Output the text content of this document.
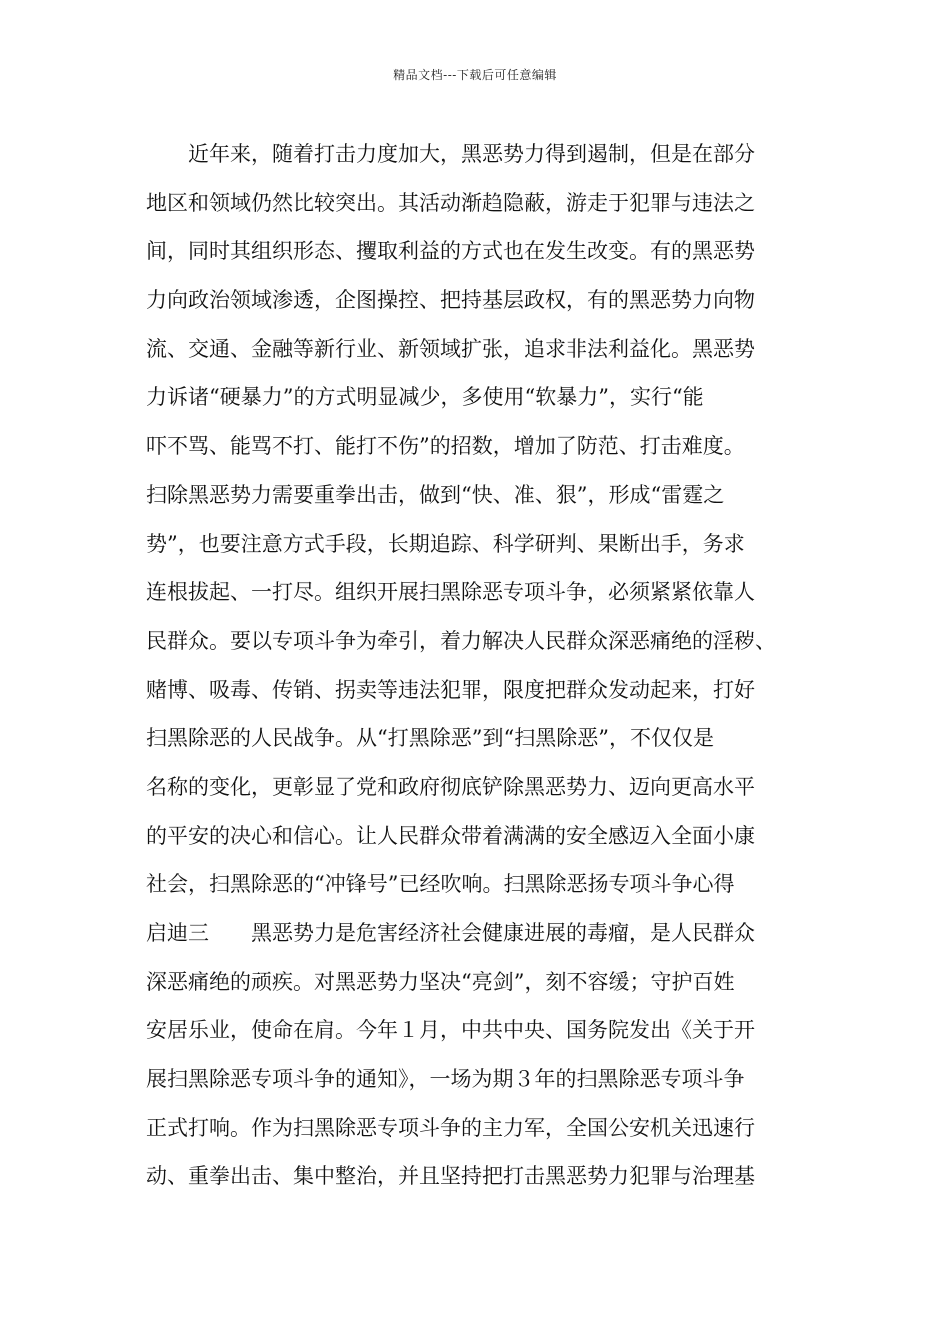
精品文档---下载后可任意编辑
　　近年来，随着打击力度加大，黑恶势力得到遏制，但是在部分
地区和领域仍然比较突出。其活动渐趋隐蔽，游走于犯罪与违法之
间，同时其组织形态、攫取利益的方式也在发生改变。有的黑恶势
力向政治领域渗透，企图操控、把持基层政权，有的黑恶势力向物
流、交通、金融等新行业、新领域扩张，追求非法利益化。黑恶势
力诉诸“硬暴力”的方式明显减少，多使用“软暴力”，实行“能
吓不骂、能骂不打、能打不伤”的招数，增加了防范、打击难度。
扫除黑恶势力需要重拳出击，做到“快、准、狠”，形成“雷霆之
势”，也要注意方式手段，长期追踪、科学研判、果断出手，务求
连根拔起、一打尽。组织开展扫黑除恶专项斗争，必须紧紧依靠人
民群众。要以专项斗争为牵引，着力解决人民群众深恶痛绝的淫秽、
赌博、吸毒、传销、拐卖等违法犯罪，限度把群众发动起来，打好
扫黑除恶的人民战争。从“打黑除恶”到“扫黑除恶”，不仅仅是
名称的变化，更彰显了党和政府彻底铲除黑恶势力、迈向更高水平
的平安的决心和信心。让人民群众带着满满的安全感迈入全面小康
社会，扫黑除恶的“冲锋号”已经吹响。扫黑除恶扬专项斗争心得
启迪三　　黑恶势力是危害经济社会健康进展的毒瘤，是人民群众
深恶痛绝的顽疾。对黑恶势力坚决“亮剑”，刻不容缓；守护百姓
安居乐业，使命在肩。今年１月，中共中央、国务院发出《关于开
展扫黑除恶专项斗争的通知》，一场为期３年的扫黑除恶专项斗争
正式打响。作为扫黑除恶专项斗争的主力军，全国公安机关迅速行
动、重拳出击、集中整治，并且坚持把打击黑恶势力犯罪与治理基
